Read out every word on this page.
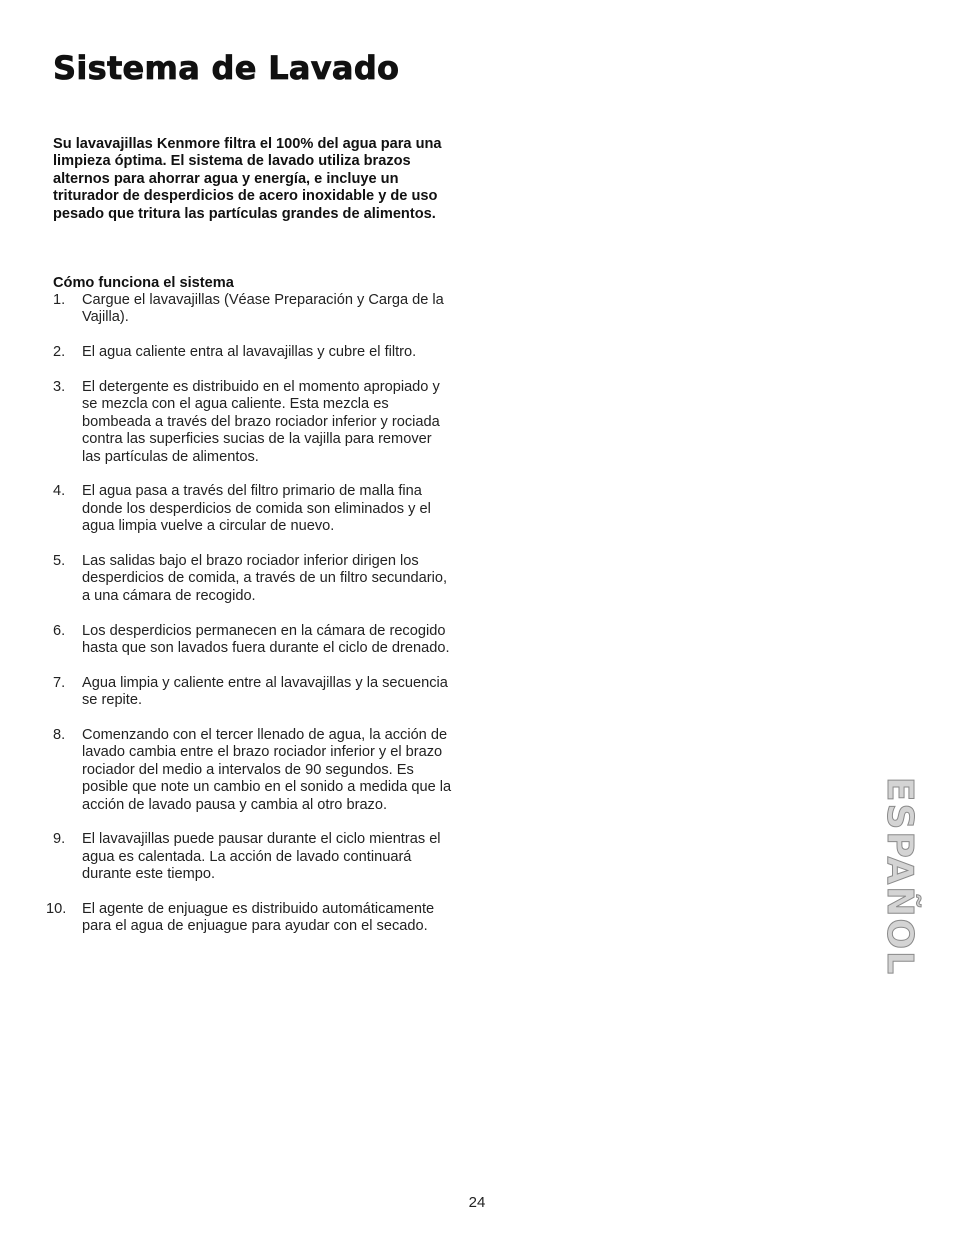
Sistema de Lavado

Su lavavajillas Kenmore filtra el 100% del agua para una limpieza óptima. El sistema de lavado utiliza brazos alternos para ahorrar agua y energía, e incluye un triturador de desperdicios de acero inoxidable y de uso pesado que tritura las partículas grandes de alimentos.

Cómo funciona el sistema
1. Cargue el lavavajillas (Véase Preparación y Carga de la Vajilla).
2. El agua caliente entra al lavavajillas y cubre el filtro.
3. El detergente es distribuido en el momento apropiado y se mezcla con el agua caliente. Esta mezcla es bombeada a través del brazo rociador inferior y rociada contra las superficies sucias de la vajilla para remover las partículas de alimentos.
4. El agua pasa a través del filtro primario de malla fina donde los desperdicios de comida son eliminados y el agua limpia vuelve a circular de nuevo.
5. Las salidas bajo el brazo rociador inferior dirigen los desperdicios de comida, a través de un filtro secundario, a una cámara de recogido.
6. Los desperdicios permanecen en la cámara de recogido hasta que son lavados fuera durante el ciclo de drenado.
7. Agua limpia y caliente entre al lavavajillas y la secuencia se repite.
8. Comenzando con el tercer llenado de agua, la acción de lavado cambia entre el brazo rociador inferior y el brazo rociador del medio a intervalos de 90 segundos. Es posible que note un cambio en el sonido a medida que la acción de lavado pausa y cambia al otro brazo.
9. El lavavajillas puede pausar durante el ciclo mientras el agua es calentada. La acción de lavado continuará durante este tiempo.
10. El agente de enjuague es distribuido automáticamente para el agua de enjuague para ayudar con el secado.	ESPAÑOL

24
